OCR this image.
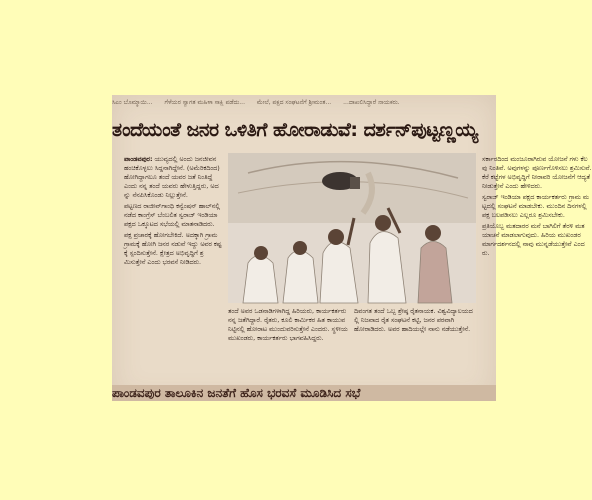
ಸಿಎಂ ಬೊಮ್ಮಾಯಿ... ಗೆಳೆಯರ ಸ್ವಾಗತ ಮಹಿಳಾ ಸಾಕ್ಷಿ ಪಡೆದು... ಮೇಲೆ, ಪಕ್ಷದ ಸಂಘಟನೆಗೆ ಶ್ರೀಮಂತ... ...ದಾಖಲಿಸಿದ್ದಾರೆ ನಾಯಕರು.
ತಂದೆಯಂತೆ ಜನರ ಒಳಿತಿಗೆ ಹೋರಾಡುವೆ: ದರ್ಶನ್‌ಪುಟ್ಟಣ್ಣಯ್ಯ

ಪಾಂಡವಪುರ: ಯುವ್ಯದಲ್ಲಿ ಅಂದು ಜನಜೀವನ ಹಂಚಿಕೊಳ್ಳಲು ಸಿದ್ದನಾಗಿದ್ದೇನೆ. (ಅಮೆರಿಕದಿಂದ) ಹೋಗಿದ್ದಾಗಲೂ ತಂದೆ ಯವರ ಜತೆ ನಿಂತಿದ್ದೆ ಎಂದು ನನ್ನ ತಂದೆ ಯವರು ಹೇಳುತ್ತಿದ್ದರು, ಅದನ್ನು ನೆನಪಿಸಿಕೊಂಡು ನಿಲ್ಲುತ್ತೇನೆ.

ಪಟ್ಟಣದ ರಾಜೀವ್‌ಗಾಂಧಿ ಕನ್ವೆಂಷನ್ ಹಾಲ್‌ನಲ್ಲಿ ನಡೆದ ಕಾಂಗ್ರೆಸ್ ಬೆಂಬಲಿತ ಸ್ವರಾಜ್ ಇಂಡಿಯಾ ಪಕ್ಷದ ಒಕ್ಕೂಟದ ಸಭೆಯಲ್ಲಿ ಮಾತನಾಡಿದರು.

ಪಕ್ಷ ಪ್ರಚಾರಕ್ಕೆ ಹೋಗಬೇಕಿದೆ. ಅದಕ್ಕಾಗಿ ಗ್ರಾಮ ಗ್ರಾಮಕ್ಕೆ ಹೋಗಿ ಜನರ ನಡುವೆ ಇದ್ದು ಅವರ ಕಷ್ಟಕ್ಕೆ ಸ್ಪಂದಿಸುತ್ತೇನೆ. ಕ್ಷೇತ್ರದ ಅಭಿವೃದ್ಧಿಗೆ ಶ್ರಮಿಸುತ್ತೇನೆ ಎಂದು ಭರವಸೆ ನೀಡಿದರು.

ತಂದೆ ಅವರ ಒಡನಾಡಿಗಳಾಗಿದ್ದ ಹಿರಿಯರು, ಕಾರ್ಯಕರ್ತರು ನನ್ನ ಜತೆಗಿದ್ದಾರೆ. ರೈತರು, ಕೂಲಿ ಕಾರ್ಮಿಕರ ಹಿತ ಕಾಯುವ ನಿಟ್ಟಿನಲ್ಲಿ ಹೋರಾಟ ಮುಂದುವರಿಸುತ್ತೇನೆ ಎಂದರು. ಸ್ಥಳೀಯ ಮುಖಂಡರು, ಕಾರ್ಯಕರ್ತರು ಭಾಗವಹಿಸಿದ್ದರು.
ದಿವಂಗತ ತಂದೆ ಒಬ್ಬ ಶ್ರೇಷ್ಠ ರೈತನಾಯಕ. ವಿಶ್ವವಿದ್ಯಾಲಯದಲ್ಲಿ ನಿಜವಾದ ರೈತ ಸಂಘಟನೆ ಕಟ್ಟಿ, ಜನರ ಪರವಾಗಿ ಹೋರಾಡಿದರು. ಅವರ ಹಾದಿಯಲ್ಲೇ ನಾನು ನಡೆಯುತ್ತೇನೆ.

ಸರ್ಕಾರದಿಂದ ಮಂಜೂರಾಗಿರುವ ಯೋಜನೆ ಗಳು ಕೆಲವು ನಿಂತಿವೆ. ಅವುಗಳನ್ನು ಪೂರ್ಣಗೊಳಿಸಲು ಶ್ರಮಿಸುವೆ. ಕೆರೆ ಕಟ್ಟೆಗಳ ಅಭಿವೃದ್ಧಿಗೆ ನೀರಾವರಿ ಯೋಜನೆಗೆ ಆದ್ಯತೆ ನೀಡುತ್ತೇನೆ ಎಂದು ಹೇಳಿದರು.

ಸ್ವರಾಜ್ ಇಂಡಿಯಾ ಪಕ್ಷದ ಕಾರ್ಯಕರ್ತರು ಗ್ರಾಮ ಮಟ್ಟದಲ್ಲಿ ಸಂಘಟನೆ ಮಾಡಬೇಕು. ಮುಂದಿನ ದಿನಗಳಲ್ಲಿ ಪಕ್ಷ ಬಲಪಡಿಸಲು ಎಲ್ಲರೂ ಶ್ರಮಿಸಬೇಕು.

ಪ್ರತಿಯೊಬ್ಬ ಮತದಾರರ ಮನೆ ಬಾಗಿಲಿಗೆ ತೆರಳಿ ಮತ ಯಾಚನೆ ಮಾಡಲಾಗುವುದು. ಹಿರಿಯ ಮುಖಂಡರ ಮಾರ್ಗದರ್ಶನದಲ್ಲಿ ನಾವು ಮುನ್ನಡೆಯುತ್ತೇವೆ ಎಂದರು.

ಪಾಂಡವಪುರ ತಾಲೂಕಿನ ಜನತೆಗೆ ಹೊಸ ಭರವಸೆ ಮೂಡಿಸಿದ ಸಭೆ
